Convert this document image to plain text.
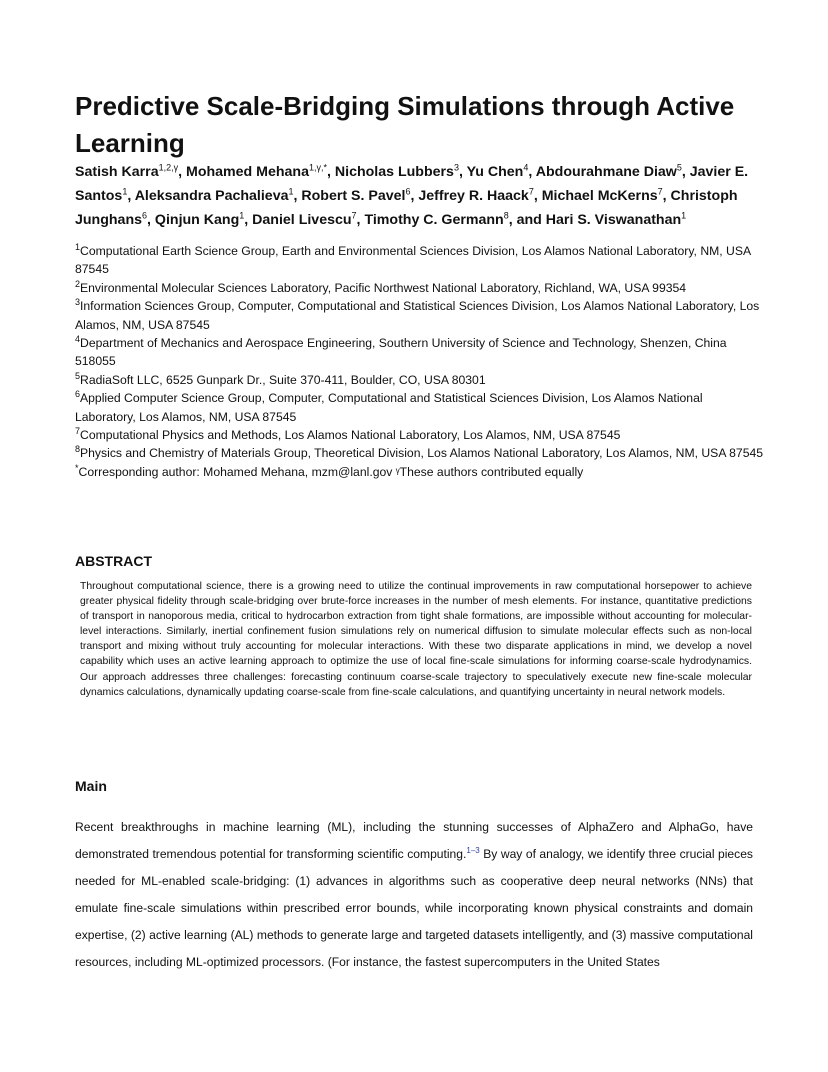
Predictive Scale-Bridging Simulations through Active Learning
Satish Karra$^{1,2,\gamma}$, Mohamed Mehana$^{1,\gamma,*}$, Nicholas Lubbers$^3$, Yu Chen$^4$, Abdourahmane Diaw$^5$, Javier E. Santos$^1$, Aleksandra Pachalieva$^1$, Robert S. Pavel$^6$, Jeffrey R. Haack$^7$, Michael McKerns$^7$, Christoph Junghans$^6$, Qinjun Kang$^1$, Daniel Livescu$^7$, Timothy C. Germann$^8$, and Hari S. Viswanathan$^1$

$^1$Computational Earth Science Group, Earth and Environmental Sciences Division, Los Alamos National Laboratory, NM, USA 87545

$^2$Environmental Molecular Sciences Laboratory, Pacific Northwest National Laboratory, Richland, WA, USA 99354

$^3$Information Sciences Group, Computer, Computational and Statistical Sciences Division, Los Alamos National Laboratory, Los Alamos, NM, USA 87545

$^4$Department of Mechanics and Aerospace Engineering, Southern University of Science and Technology, Shenzen, China 518055

$^5$RadiaSoft LLC, 6525 Gunpark Dr., Suite 370-411, Boulder, CO, USA 80301

$^6$Applied Computer Science Group, Computer, Computational and Statistical Sciences Division, Los Alamos National Laboratory, Los Alamos, NM, USA 87545

$^7$Computational Physics and Methods, Los Alamos National Laboratory, Los Alamos, NM, USA 87545

$^8$Physics and Chemistry of Materials Group, Theoretical Division, Los Alamos National Laboratory, Los Alamos, NM, USA 87545

*Corresponding author: Mohamed Mehana, mzm@lanl.gov ᵞThese authors contributed equally

ABSTRACT
Throughout computational science, there is a growing need to utilize the continual improvements in raw computational horsepower to achieve greater physical fidelity through scale-bridging over brute-force increases in the number of mesh elements. For instance, quantitative predictions of transport in nanoporous media, critical to hydrocarbon extraction from tight shale formations, are impossible without accounting for molecular-level interactions. Similarly, inertial confinement fusion simulations rely on numerical diffusion to simulate molecular effects such as non-local transport and mixing without truly accounting for molecular interactions. With these two disparate applications in mind, we develop a novel capability which uses an active learning approach to optimize the use of local fine-scale simulations for informing coarse-scale hydrodynamics. Our approach addresses three challenges: forecasting continuum coarse-scale trajectory to speculatively execute new fine-scale molecular dynamics calculations, dynamically updating coarse-scale from fine-scale calculations, and quantifying uncertainty in neural network models.
Main
Recent breakthroughs in machine learning (ML), including the stunning successes of AlphaZero and AlphaGo, have demonstrated tremendous potential for transforming scientific computing.$^{1-3}$ By way of analogy, we identify three crucial pieces needed for ML-enabled scale-bridging: (1) advances in algorithms such as cooperative deep neural networks (NNs) that emulate fine-scale simulations within prescribed error bounds, while incorporating known physical constraints and domain expertise, (2) active learning (AL) methods to generate large and targeted datasets intelligently, and (3) massive computational resources, including ML-optimized processors. (For instance, the fastest supercomputers in the United States
